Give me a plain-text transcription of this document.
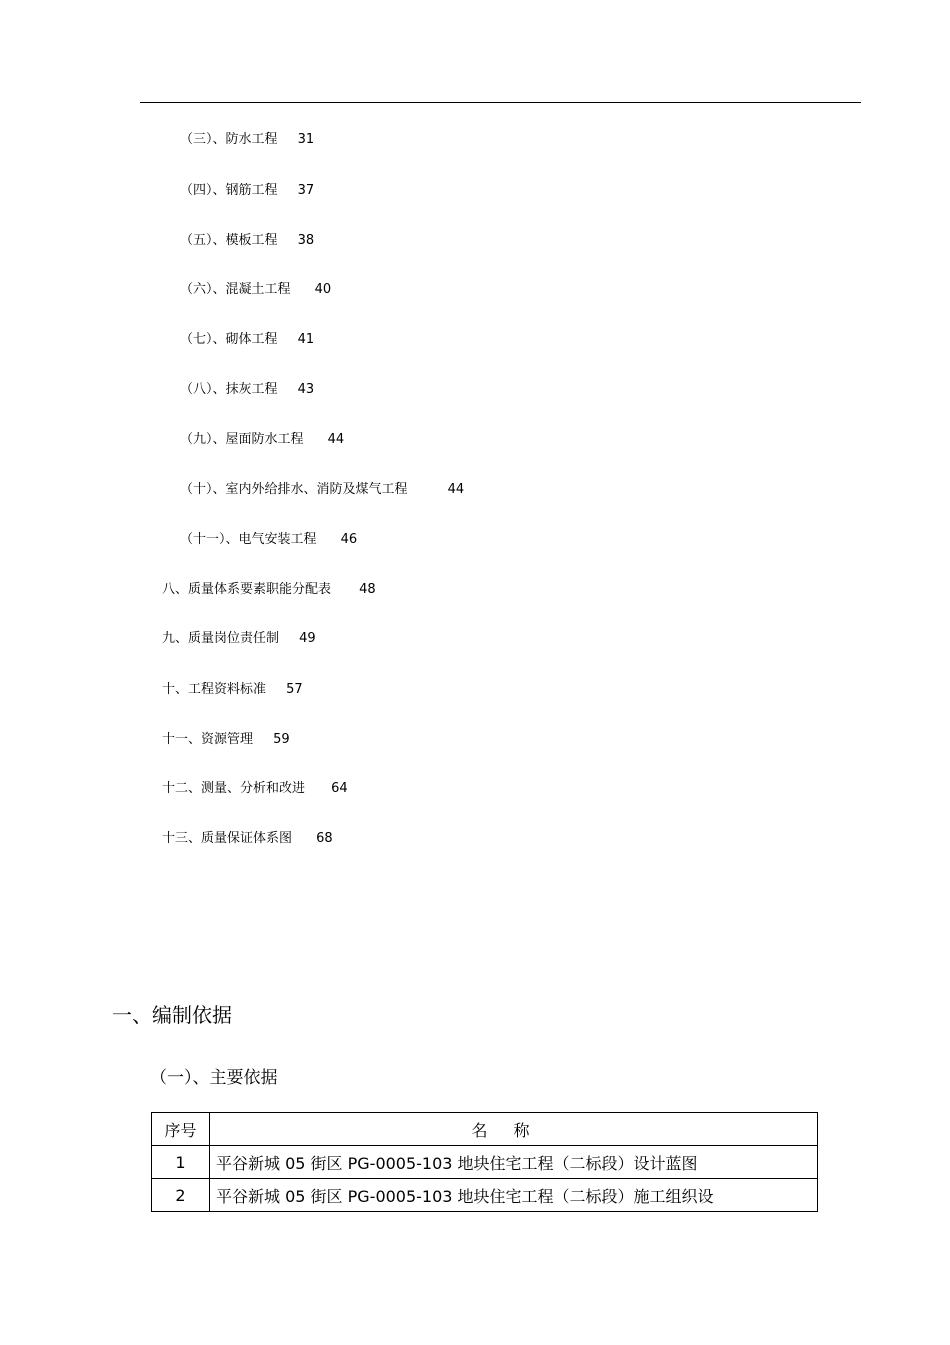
（三）、防水工程 31
（四）、钢筋工程 37
（五）、模板工程 38
（六）、混凝土工程 40
（七）、砌体工程 41
（八）、抹灰工程 43
（九）、屋面防水工程 44
（十）、室内外给排水、消防及煤气工程	44
（十一）、电气安装工程 46
八、质量体系要素职能分配表 48
九、质量岗位责任制 49
十、工程资料标准 57
十一、资源管理 59
十二、测量、分析和改进 64
十三、质量保证体系图 68
一、编制依据
（一）、主要依据
序号	名称
1	平谷新城 05 街区 PG-0005-103 地块住宅工程（二标段）设计蓝图
2	平谷新城 05 街区 PG-0005-103 地块住宅工程（二标段）施工组织设
